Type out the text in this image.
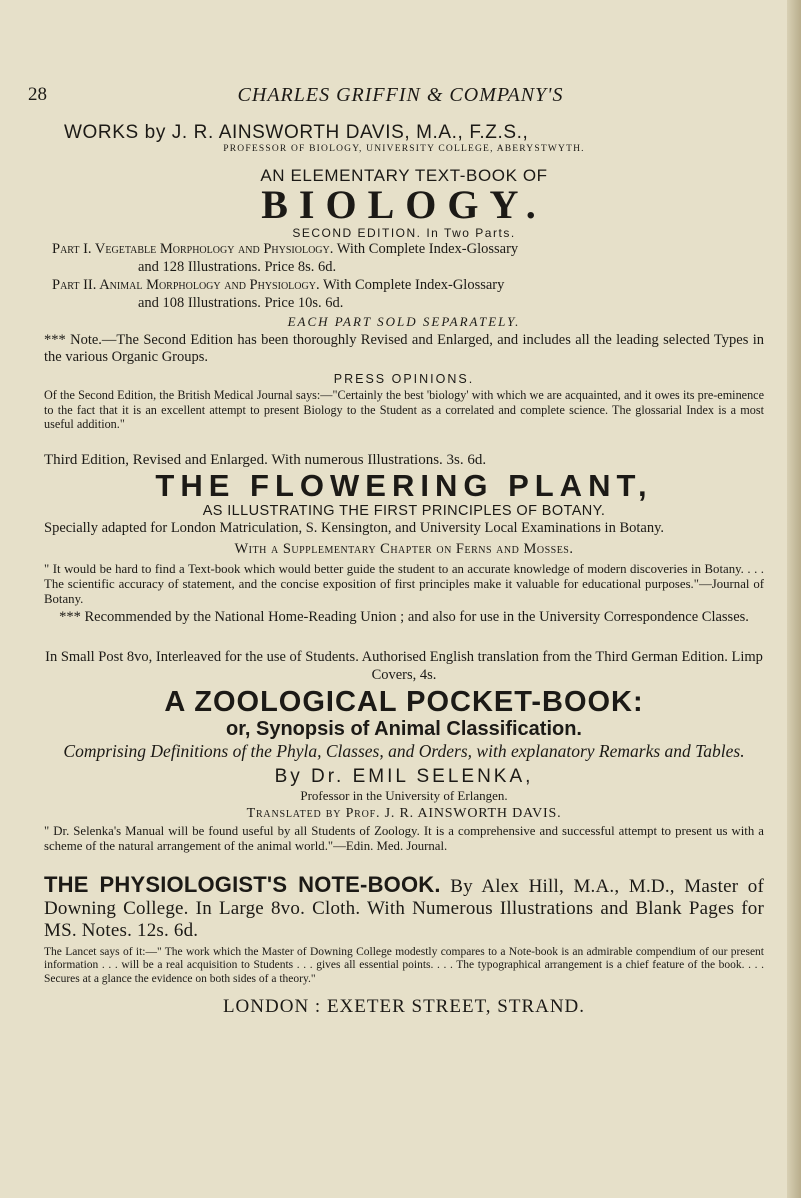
28	CHARLES GRIFFIN & COMPANY'S
WORKS by J. R. AINSWORTH DAVIS, M.A., F.Z.S.,
PROFESSOR OF BIOLOGY, UNIVERSITY COLLEGE, ABERYSTWYTH.
AN ELEMENTARY TEXT-BOOK OF
BIOLOGY.
SECOND EDITION. In Two Parts.
Part I. Vegetable Morphology and Physiology. With Complete Index-Glossary
and 128 Illustrations. Price 8s. 6d.
Part II. Animal Morphology and Physiology. With Complete Index-Glossary
and 108 Illustrations. Price 10s. 6d.
EACH PART SOLD SEPARATELY.

*** Note.—The Second Edition has been thoroughly Revised and Enlarged, and includes all the leading selected Types in the various Organic Groups.

PRESS OPINIONS.

Of the Second Edition, the British Medical Journal says:—"Certainly the best 'biology' with which we are acquainted, and it owes its pre-eminence to the fact that it is an excellent attempt to present Biology to the Student as a correlated and complete science. The glossarial Index is a most useful addition."

Third Edition, Revised and Enlarged. With numerous Illustrations. 3s. 6d.
THE FLOWERING PLANT,
AS ILLUSTRATING THE FIRST PRINCIPLES OF BOTANY.

Specially adapted for London Matriculation, S. Kensington, and University Local Examinations in Botany.

With a Supplementary Chapter on Ferns and Mosses.

" It would be hard to find a Text-book which would better guide the student to an accurate knowledge of modern discoveries in Botany. . . . The scientific accuracy of statement, and the concise exposition of first principles make it valuable for educational purposes."—Journal of Botany.

*** Recommended by the National Home-Reading Union ; and also for use in the University Correspondence Classes.

In Small Post 8vo, Interleaved for the use of Students. Authorised English translation from the Third German Edition. Limp Covers, 4s.

A ZOOLOGICAL POCKET-BOOK:
or, Synopsis of Animal Classification.

Comprising Definitions of the Phyla, Classes, and Orders, with explanatory Remarks and Tables.

By Dr. EMIL SELENKA,
Professor in the University of Erlangen.
Translated by Prof. J. R. AINSWORTH DAVIS.

" Dr. Selenka's Manual will be found useful by all Students of Zoology. It is a comprehensive and successful attempt to present us with a scheme of the natural arrangement of the animal world."—Edin. Med. Journal.

THE PHYSIOLOGIST'S NOTE-BOOK. By Alex Hill, M.A., M.D., Master of Downing College. In Large 8vo. Cloth. With Numerous Illustrations and Blank Pages for MS. Notes. 12s. 6d.

The Lancet says of it:—" The work which the Master of Downing College modestly compares to a Note-book is an admirable compendium of our present information . . . will be a real acquisition to Students . . . gives all essential points. . . . The typographical arrangement is a chief feature of the book. . . . Secures at a glance the evidence on both sides of a theory."

LONDON : EXETER STREET, STRAND.
